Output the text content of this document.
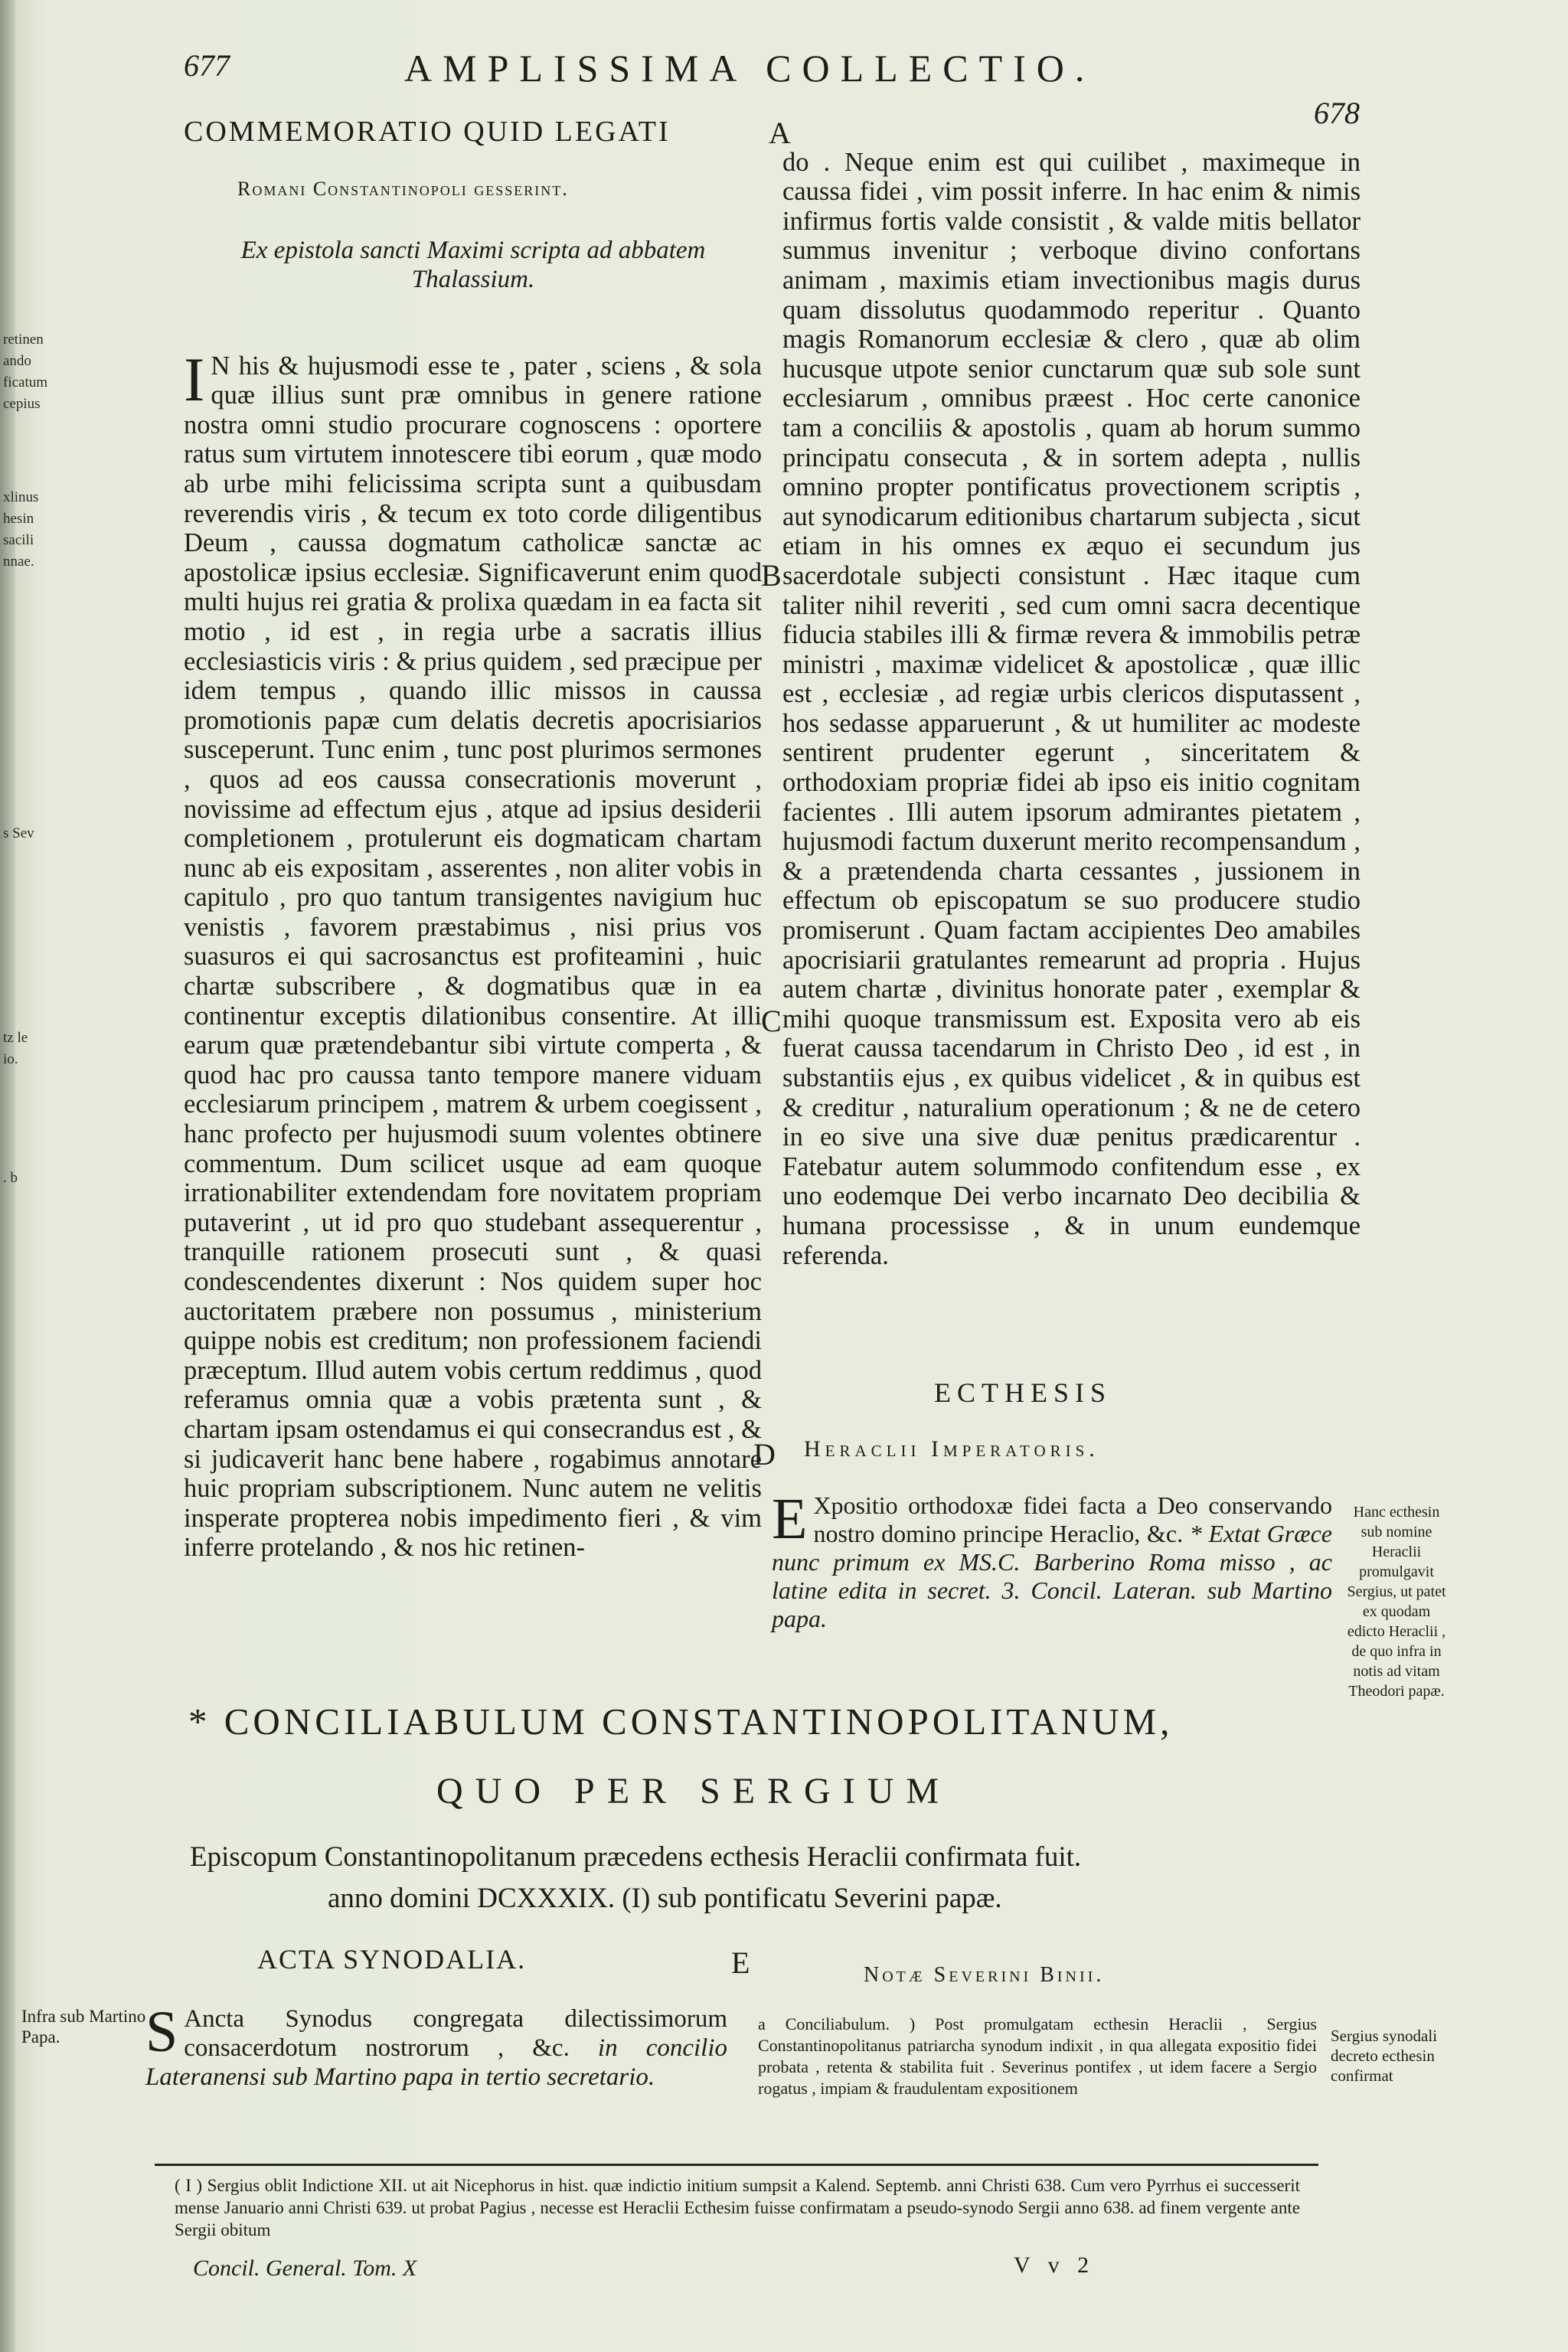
retinen
ando
ficatum
cepius
xlinus
hesin
sacili
nnae.
s Sev
tz le
io.
. b
677	AMPLISSIMA COLLECTIO.
678
COMMEMORATIO QUID LEGATI
Romani Constantinopoli gesserint.
Ex epistola sancti Maximi scripta ad abbatem Thalassium.

I N his & hujusmodi esse te , pater , sciens , & sola quæ illius sunt præ omnibus in genere ratione nostra omni studio procurare cognoscens : oportere ratus sum virtutem innotescere tibi eorum , quæ modo ab urbe mihi felicissima scripta sunt a quibusdam reverendis viris , & tecum ex toto corde diligentibus Deum , caussa dogmatum catholicæ sanctæ ac apostolicæ ipsius ecclesiæ. Significaverunt enim quod multi hujus rei gratia & prolixa quædam in ea facta sit motio , id est , in regia urbe a sacratis illius ecclesiasticis viris : & prius quidem , sed præcipue per idem tempus , quando illic missos in caussa promotionis papæ cum delatis decretis apocrisiarios susceperunt. Tunc enim , tunc post plurimos sermones , quos ad eos caussa consecrationis moverunt , novissime ad effectum ejus , atque ad ipsius desiderii completionem , protulerunt eis dogmaticam chartam nunc ab eis expositam , asserentes , non aliter vobis in capitulo , pro quo tantum transigentes navigium huc venistis , favorem præstabimus , nisi prius vos suasuros ei qui sacrosanctus est profiteamini , huic chartæ subscribere , & dogmatibus quæ in ea continentur exceptis dilationibus consentire. At illi earum quæ prætendebantur sibi virtute comperta , & quod hac pro caussa tanto tempore manere viduam ecclesiarum principem , matrem & urbem coegissent , hanc profecto per hujusmodi suum volentes obtinere commentum. Dum scilicet usque ad eam quoque irrationabiliter extendendam fore novitatem propriam putaverint , ut id pro quo studebant assequerentur , tranquille rationem prosecuti sunt , & quasi condescendentes dixerunt : Nos quidem super hoc auctoritatem præbere non possumus , ministerium quippe nobis est creditum; non professionem faciendi præceptum. Illud autem vobis certum reddimus , quod referamus omnia quæ a vobis prætenta sunt , & chartam ipsam ostendamus ei qui consecrandus est , & si judicaverit hanc bene habere , rogabimus annotare huic propriam subscriptionem. Nunc autem ne velitis insperate propterea nobis impedimento fieri , & vim inferre protelando , & nos hic retinen-

do . Neque enim est qui cuilibet , maximeque in caussa fidei , vim possit inferre. In hac enim & nimis infirmus fortis valde consistit , & valde mitis bellator summus invenitur ; verboque divino confortans animam , maximis etiam invectionibus magis durus quam dissolutus quodammodo reperitur . Quanto magis Romanorum ecclesiæ & clero , quæ ab olim hucusque utpote senior cunctarum quæ sub sole sunt ecclesiarum , omnibus præest . Hoc certe canonice tam a conciliis & apostolis , quam ab horum summo principatu consecuta , & in sortem adepta , nullis omnino propter pontificatus provectionem scriptis , aut synodicarum editionibus chartarum subjecta , sicut etiam in his omnes ex æquo ei secundum jus sacerdotale subjecti consistunt . Hæc itaque cum taliter nihil reveriti , sed cum omni sacra decentique fiducia stabiles illi & firmæ revera & immobilis petræ ministri , maximæ videlicet & apostolicæ , quæ illic est , ecclesiæ , ad regiæ urbis clericos disputassent , hos sedasse apparuerunt , & ut humiliter ac modeste sentirent prudenter egerunt , sinceritatem & orthodoxiam propriæ fidei ab ipso eis initio cognitam facientes . Illi autem ipsorum admirantes pietatem , hujusmodi factum duxerunt merito recompensandum , & a prætendenda charta cessantes , jussionem in effectum ob episcopatum se suo producere studio promiserunt . Quam factam accipientes Deo amabiles apocrisiarii gratulantes remearunt ad propria . Hujus autem chartæ , divinitus honorate pater , exemplar & mihi quoque transmissum est. Exposita vero ab eis fuerat caussa tacendarum in Christo Deo , id est , in substantiis ejus , ex quibus videlicet , & in quibus est & creditur , naturalium operationum ; & ne de cetero in eo sive una sive duæ penitus prædicarentur . Fatebatur autem solummodo confitendum esse , ex uno eodemque Dei verbo incarnato Deo decibilia & humana processisse , & in unum eundemque referenda.

A
B
C
D
E
ECTHESIS
Heraclii Imperatoris.
E Xpositio orthodoxæ fidei facta a Deo conservando nostro domino principe Heraclio, &c. * Extat Græce nunc primum ex MS.C. Barberino Roma misso , ac latine edita in secret. 3. Concil. Lateran. sub Martino papa.
Hanc ecthesin sub nomine Heraclii promulgavit Sergius, ut patet ex quodam edicto Heraclii , de quo infra in notis ad vitam Theodori papæ.
* CONCILIABULUM CONSTANTINOPOLITANUM,
QUO PER SERGIUM
Episcopum Constantinopolitanum præcedens ecthesis Heraclii confirmata fuit.
anno domini DCXXXIX. (I) sub pontificatu Severini papæ.
ACTA SYNODALIA.
Infra sub Martino Papa.	S Ancta Synodus congregata dilectissimorum consacerdotum nostrorum , &c. in concilio Lateranensi sub Martino papa in tertio secretario.
Notæ Severini Binii.
a Conciliabulum. ) Post promulgatam ecthesin Heraclii , Sergius Constantinopolitanus patriarcha synodum indixit , in qua allegata expositio fidei probata , retenta & stabilita fuit . Severinus pontifex , ut idem facere a Sergio rogatus , impiam & fraudulentam expositionem
Sergius synodali decreto ecthesin confirmat
( I ) Sergius oblit Indictione XII. ut ait Nicephorus in hist. quæ indictio initium sumpsit a Kalend. Septemb. anni Christi 638. Cum vero Pyrrhus ei successerit mense Januario anni Christi 639. ut probat Pagius , necesse est Heraclii Ecthesim fuisse confirmatam a pseudo-synodo Sergii anno 638. ad finem vergente ante Sergii obitum
Concil. General. Tom. X	V v 2
